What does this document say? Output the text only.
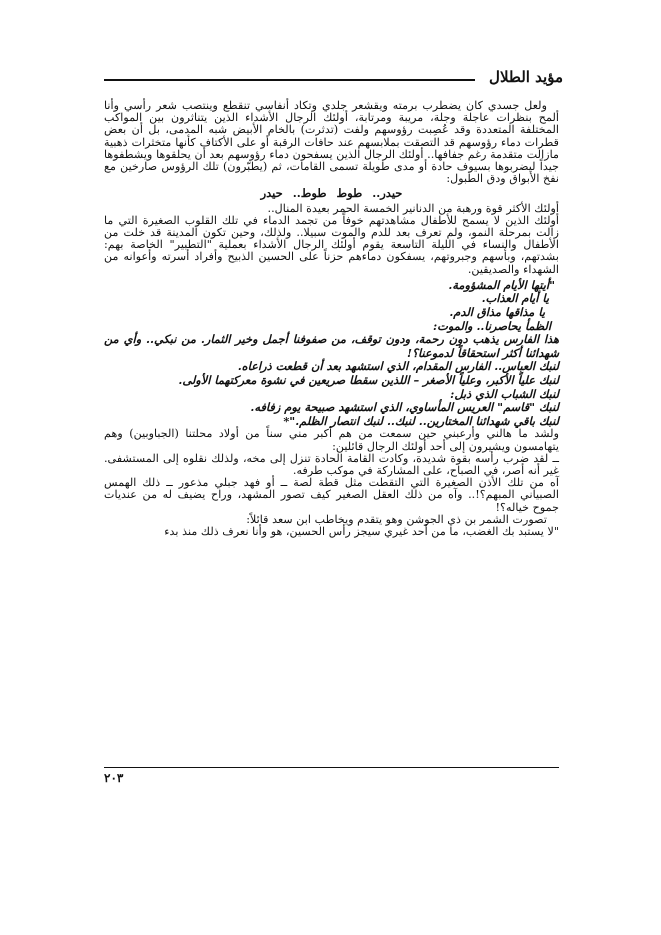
مؤيد الطلال

ولعل جسدي كان يضطرب برمته ويقشعر جلدي وتكاد أنفاسي تنقطع وينتصب شعر رأسي وأنا ألمح بنظرات عاجلة وجلة، مريبة ومرتابة، أولئك الرجال الأشداء الذين يتناثرون بين المواكب المختلفة المتعددة وقد عُصِبت رؤوسهم ولفت (تدثرت) بالخام الأبيض شبه المدمى، بل أن بعض قطرات دماء رؤوسهم قد التصقت بملابسهم عند حافات الرقبة أو على الأكتاف كأنها متخثرات ذهبية مازالت متقدمة رغم جفافها.. أولئك الرجال الذين يسفحون دماء رؤوسهم بعد أن يحلقوها ويشطفوها جيداً ليضربوها بسيوف حادة أو مدى طويلة تسمى القامات، ثم (يطبّرون) تلك الرؤوس صارخين مع نفخ الأبواق ودق الطبول:

حيدر.. طوط طوط.. حيدر

أولئك الأكثر قوة ورهبة من الدنانير الخمسة الحمر بعيدة المنال..

أولئك الذين لا يسمح للأطفال مشاهدتهم خوفاً من تجمد الدماء في تلك القلوب الصغيرة التي ما زالت بمرحلة النمو، ولم تعرف بعد للدم والموت سبيلا.. ولذلك، وحين تكون المدينة قد خلت من الأطفال والنساء في الليلة التاسعة يقوم أولئك الرجال الأشداء بعملية "التطبير" الخاصة بهم: بشدتهم، وبأسهم وجبروتهم، يسفكون دماءهم حزناً على الحسين الذبيح وأفراد أسرته وأعوانه من الشهداء والصديقين.

"أيتها الأيام المشؤومة.

يا أيام العذاب.

يا مذاقها مذاق الدم.

الظمأ يحاصرنا.. والموت:

هذا الفارس يذهب دون رحمة، ودون توقف، من صفوفنا أجمل وخير الثمار. من نبكي.. وأي من شهدائنا أكثر استحقاقاً لدموعنا؟!

لنبك العباس.. الفارس المقدام، الذي استشهد بعد أن قطعت ذراعاه.

لنبك علياً الأكبر، وعلياً الأصغر – اللذين سقطا صريعين في نشوة معركتهما الأولى.

لنبك الشباب الذي ذبل:

لنبك "قاسم" العريس المأساوي، الذي استشهد صبيحة يوم زفافه.

لنبك باقي شهدائنا المختارين.. لنبك.. لنبك انتصار الظلم."*

ولشد ما هالني وأرعبني حين سمعت من هم أكبر مني سناً من أولاد محلتنا (الجباوبين) وهم يتهامسون ويشيرون إلى أحد أولئك الرجال قائلين:

ــ لقد ضرب رأسه بقوة شديدة، وكادت القامة الحادة تنزل إلى مخه، ولذلك نقلوه إلى المستشفى. غير أنه أصر، في الصباح، على المشاركة في موكب طرفه.

آه من تلك الأذن الصغيرة التي التقطت مثل قطة لصة ــ أو فهد جبلي مذعور ــ ذلك الهمس الصبياني المبهم؟!.. وآه من ذلك العقل الصغير كيف تصور المشهد، وراح يضيف له من عنديات جموح خياله؟!

تصورت الشمر بن ذي الجوشن وهو يتقدم ويخاطب ابن سعد قائلاً:

"لا يستبد بك الغضب، ما من أحد غيري سيجز رأس الحسين، هو وأنا نعرف ذلك منذ بدء

٢٠٣
